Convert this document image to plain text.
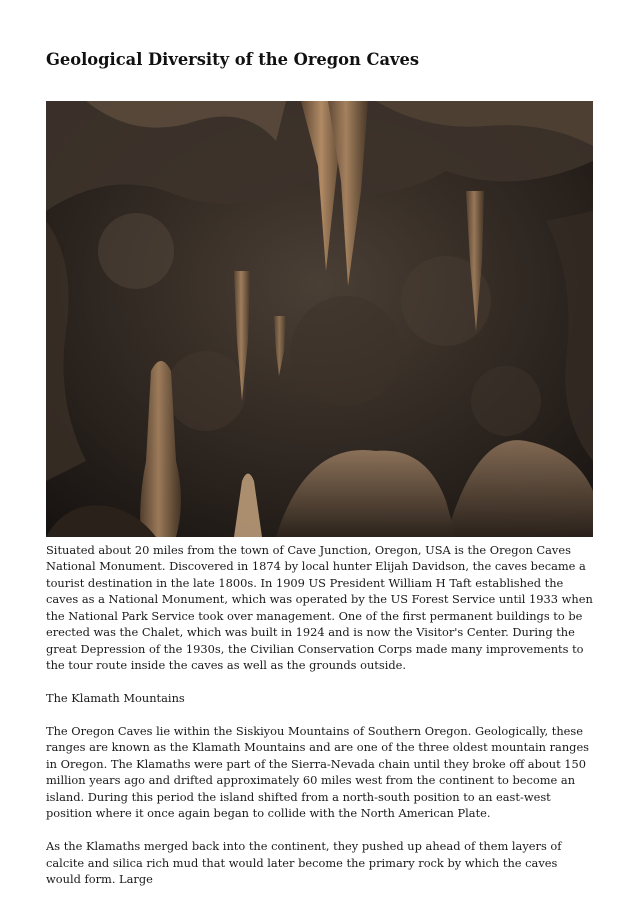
Geological Diversity of the Oregon Caves

Situated about 20 miles from the town of Cave Junction, Oregon, USA is the Oregon Caves National Monument. Discovered in 1874 by local hunter Elijah Davidson, the caves became a tourist destination in the late 1800s. In 1909 US President William H Taft established the caves as a National Monument, which was operated by the US Forest Service until 1933 when the National Park Service took over management. One of the first permanent buildings to be erected was the Chalet, which was built in 1924 and is now the Visitor's Center. During the great Depression of the 1930s, the Civilian Conservation Corps made many improvements to the tour route inside the caves as well as the grounds outside.

The Klamath Mountains

The Oregon Caves lie within the Siskiyou Mountains of Southern Oregon. Geologically, these ranges are known as the Klamath Mountains and are one of the three oldest mountain ranges in Oregon. The Klamaths were part of the Sierra-Nevada chain until they broke off about 150 million years ago and drifted approximately 60 miles west from the continent to become an island. During this period the island shifted from a north-south position to an east-west position where it once again began to collide with the North American Plate.

As the Klamaths merged back into the continent, they pushed up ahead of them layers of calcite and silica rich mud that would later become the primary rock by which the caves would form. Large
